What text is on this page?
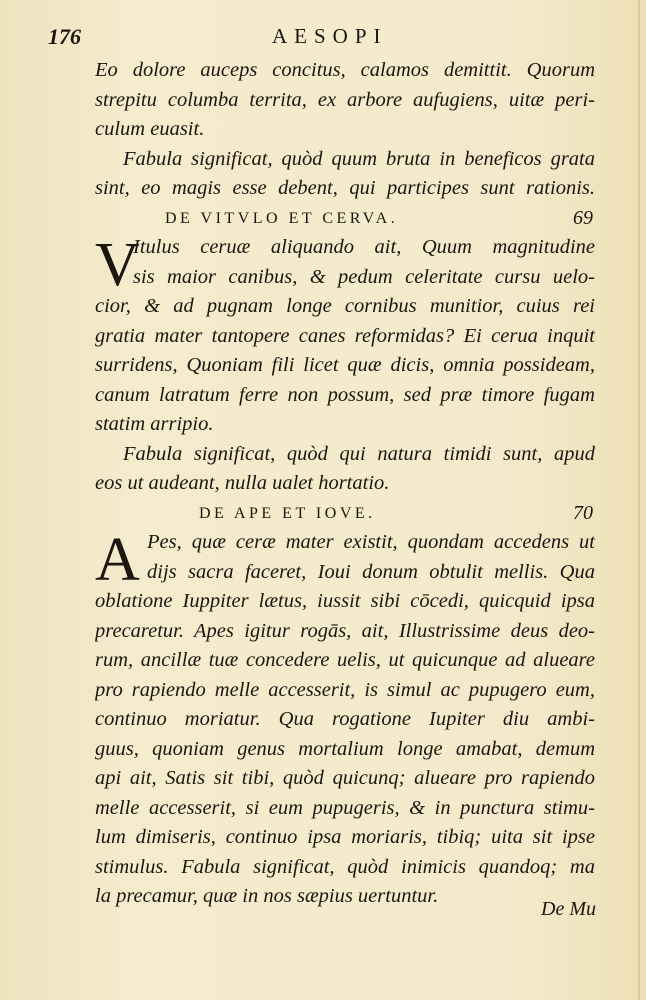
176	AESOPI
Eo dolore auceps concitus, calamos demittit. Quorum
strepitu columba territa, ex arbore aufugiens, uitæ peri-
culum euasit.
Fabula significat, quòd quum bruta in beneficos grata
sint, eo magis esse debent, qui participes sunt rationis.
DE VITVLO ET CERVA.	69
V
Itulus ceruæ aliquando ait, Quum magnitudine
sis maior canibus, & pedum celeritate cursu uelo-
cior, & ad pugnam longe cornibus munitior, cuius rei
gratia mater tantopere canes reformidas? Ei cerua inquit
surridens, Quoniam fili licet quæ dicis, omnia possideam,
canum latratum ferre non possum, sed præ timore fugam
statim arripio.
Fabula significat, quòd qui natura timidi sunt, apud
eos ut audeant, nulla ualet hortatio.
DE APE ET IOVE.	70
A Pes, quæ ceræ mater existit, quondam accedens ut
dijs sacra faceret, Ioui donum obtulit mellis. Qua
oblatione Iuppiter lætus, iussit sibi cōcedi, quicquid ipsa
precaretur. Apes igitur rogās, ait, Illustrissime deus deo-
rum, ancillæ tuæ concedere uelis, ut quicunque ad alueare
pro rapiendo melle accesserit, is simul ac pupugero eum,
continuo moriatur. Qua rogatione Iupiter diu ambi-
guus, quoniam genus mortalium longe amabat, demum
api ait, Satis sit tibi, quòd quicunq; alueare pro rapiendo
melle accesserit, si eum pupugeris, & in punctura stimu-
lum dimiseris, continuo ipsa moriaris, tibiq; uita sit ipse
stimulus. Fabula significat, quòd inimicis quandoq; ma
la precamur, quæ in nos sæpius uertuntur.
De Mu
